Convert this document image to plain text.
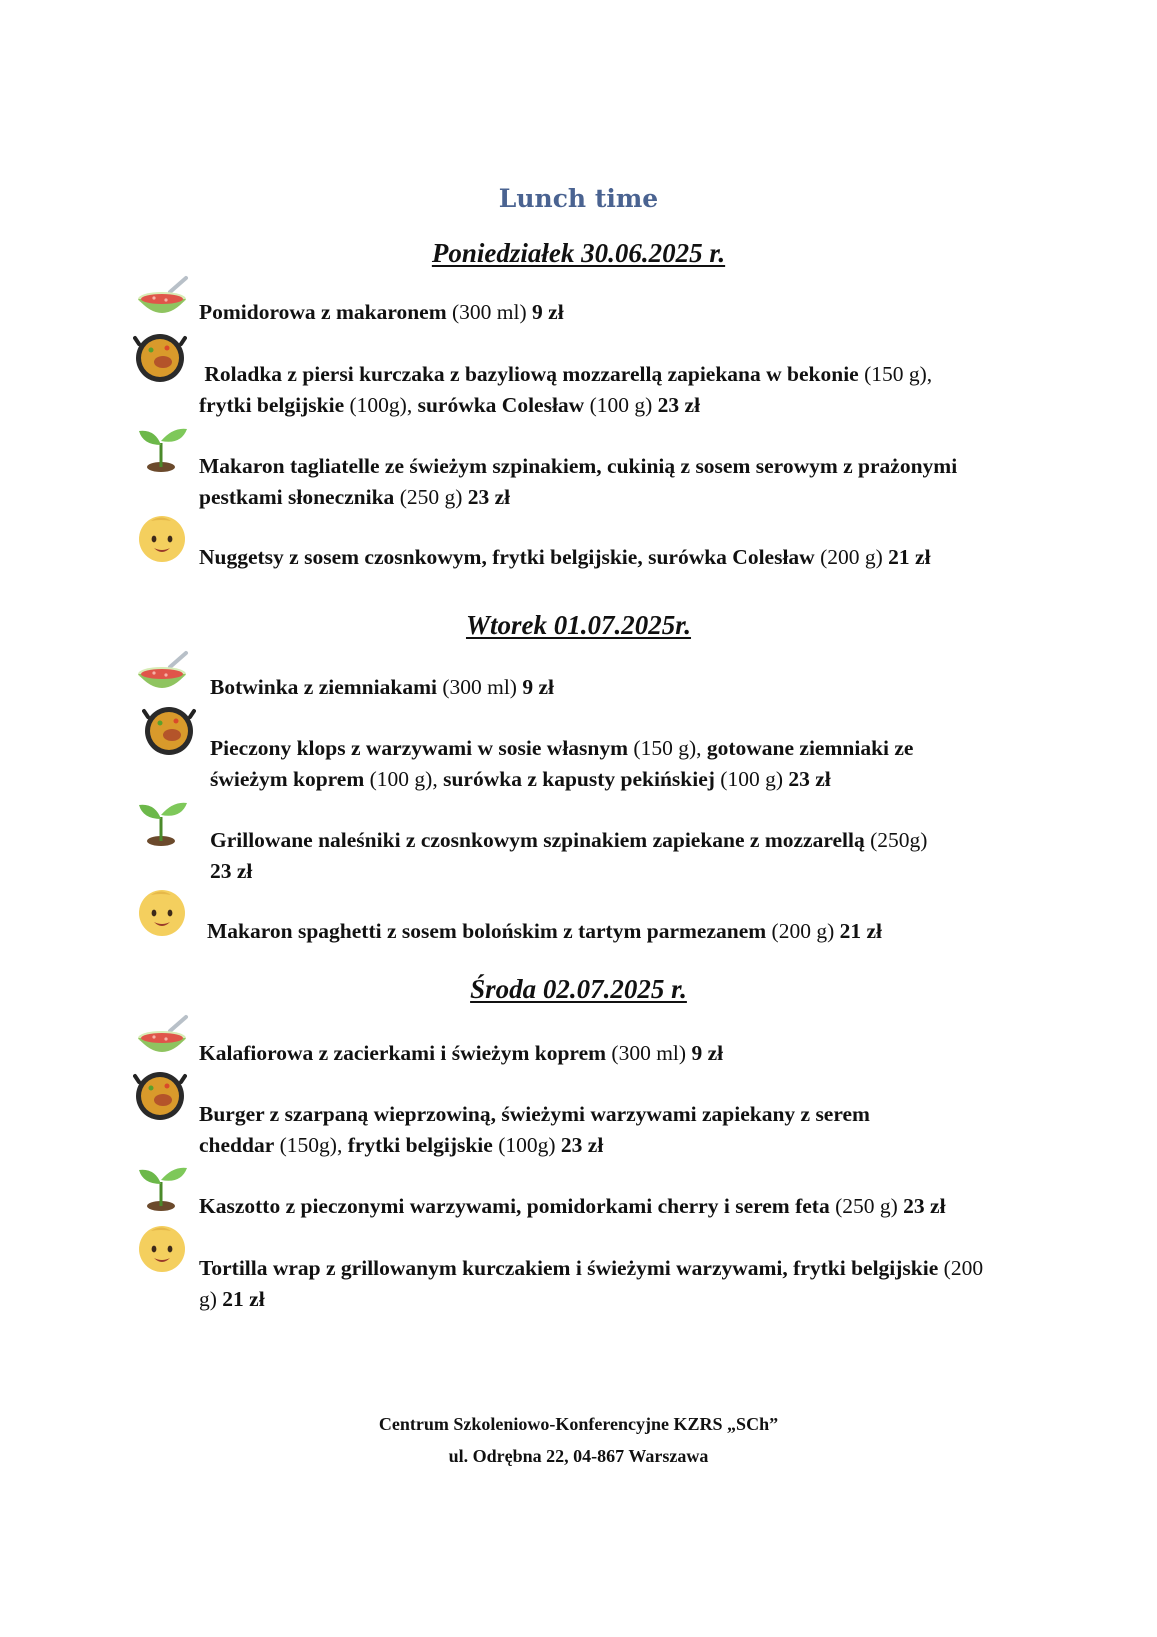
Lunch time
Poniedziałek 30.06.2025 r.
Wtorek 01.07.2025r.
Środa 02.07.2025 r.
Pomidorowa z makaronem (300 ml) 9 zł
Roladka z piersi kurczaka z bazyliową mozzarellą zapiekana w bekonie (150 g),
frytki belgijskie (100g), surówka Colesław (100 g) 23 zł
Makaron tagliatelle ze świeżym szpinakiem, cukinią z sosem serowym z prażonymi pestkami słonecznika (250 g) 23 zł
Nuggetsy z sosem czosnkowym, frytki belgijskie, surówka Colesław (200 g) 21 zł
Botwinka z ziemniakami (300 ml) 9 zł
Pieczony klops z warzywami w sosie własnym (150 g), gotowane ziemniaki ze świeżym koprem (100 g), surówka z kapusty pekińskiej (100 g) 23 zł
Grillowane naleśniki z czosnkowym szpinakiem zapiekane z mozzarellą (250g)
23 zł
Makaron spaghetti z sosem bolońskim z tartym parmezanem (200 g) 21 zł
Kalafiorowa z zacierkami i świeżym koprem (300 ml) 9 zł
Burger z szarpaną wieprzowiną, świeżymi warzywami zapiekany z serem cheddar (150g), frytki belgijskie (100g) 23 zł
Kaszotto z pieczonymi warzywami, pomidorkami cherry i serem feta (250 g) 23 zł
Tortilla wrap z grillowanym kurczakiem i świeżymi warzywami, frytki belgijskie (200 g) 21 zł
Centrum Szkoleniowo-Konferencyjne KZRS „SCh”
ul. Odrębna 22, 04-867 Warszawa
